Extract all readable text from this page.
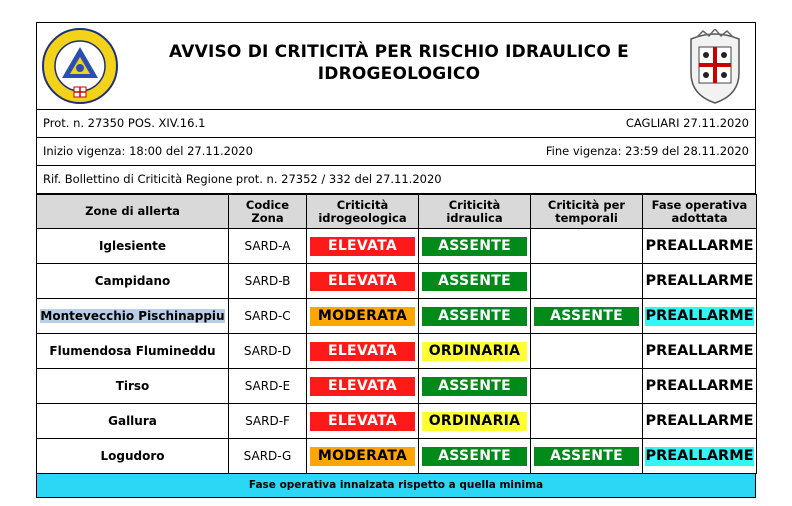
AVVISO DI CRITICITÀ PER RISCHIO IDRAULICO E
IDROGEOLOGICO
Prot. n. 27350 POS. XIV.16.1	CAGLIARI 27.11.2020
Inizio vigenza: 18:00 del 27.11.2020	Fine vigenza: 23:59 del 28.11.2020
Rif. Bollettino di Criticità Regione prot. n. 27352 / 332 del 27.11.2020
Zone di allerta	Codice Zona	Criticità idrogeologica	Criticità idraulica	Criticità per temporali	Fase operativa adottata
Iglesiente	SARD-A	ELEVATA	ASSENTE		PREALLARME

Campidano	SARD-B	ELEVATA	ASSENTE		PREALLARME

Montevecchio Pischinappiu	SARD-C	MODERATA	ASSENTE	ASSENTE	PREALLARME

Flumendosa Flumineddu	SARD-D	ELEVATA	ORDINARIA		PREALLARME

Tirso	SARD-E	ELEVATA	ASSENTE		PREALLARME

Gallura	SARD-F	ELEVATA	ORDINARIA		PREALLARME

Logudoro	SARD-G	MODERATA	ASSENTE	ASSENTE	PREALLARME
Fase operativa innalzata rispetto a quella minima
